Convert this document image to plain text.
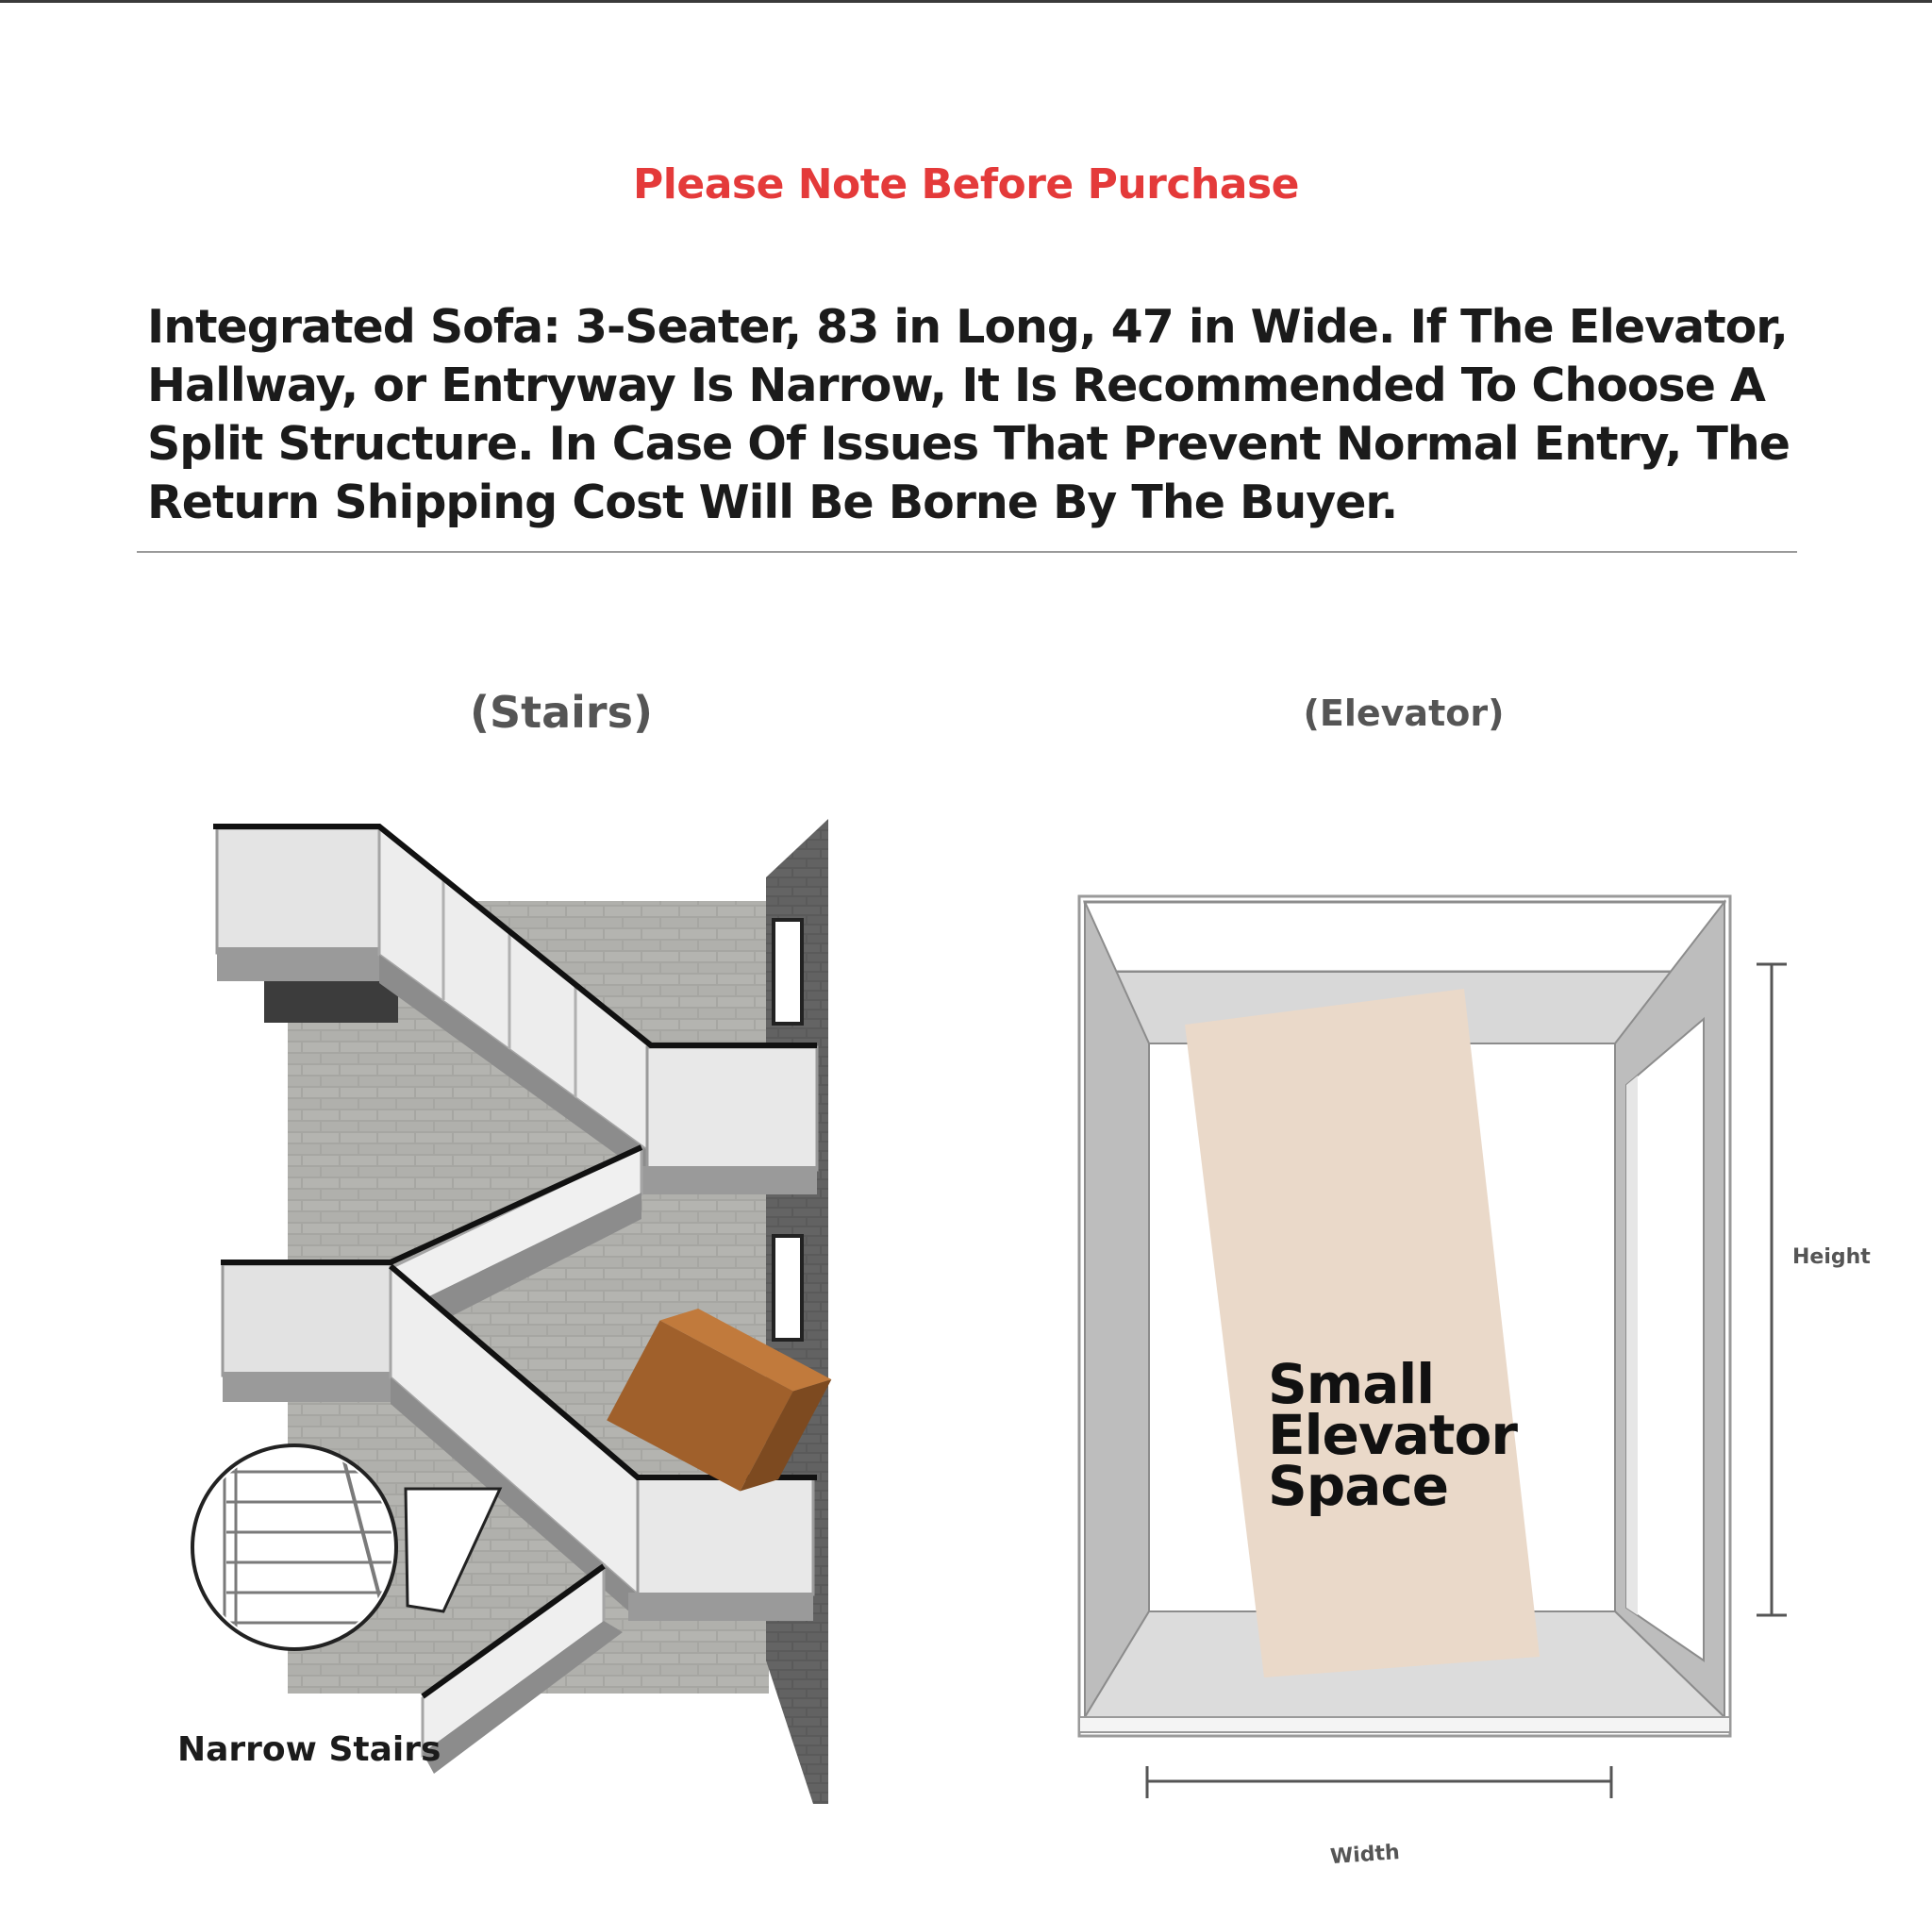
Please Note Before Purchase

Integrated Sofa: 3-Seater, 83 in Long, 47 in Wide. If The Elevator, Hallway, or Entryway Is Narrow, It Is Recommended To Choose A Split Structure. In Case Of Issues That Prevent Normal Entry, The Return Shipping Cost Will Be Borne By The Buyer.

(Stairs)	(Elevator)
Narrow Stairs
Height
Width
Small
Elevator
Space
